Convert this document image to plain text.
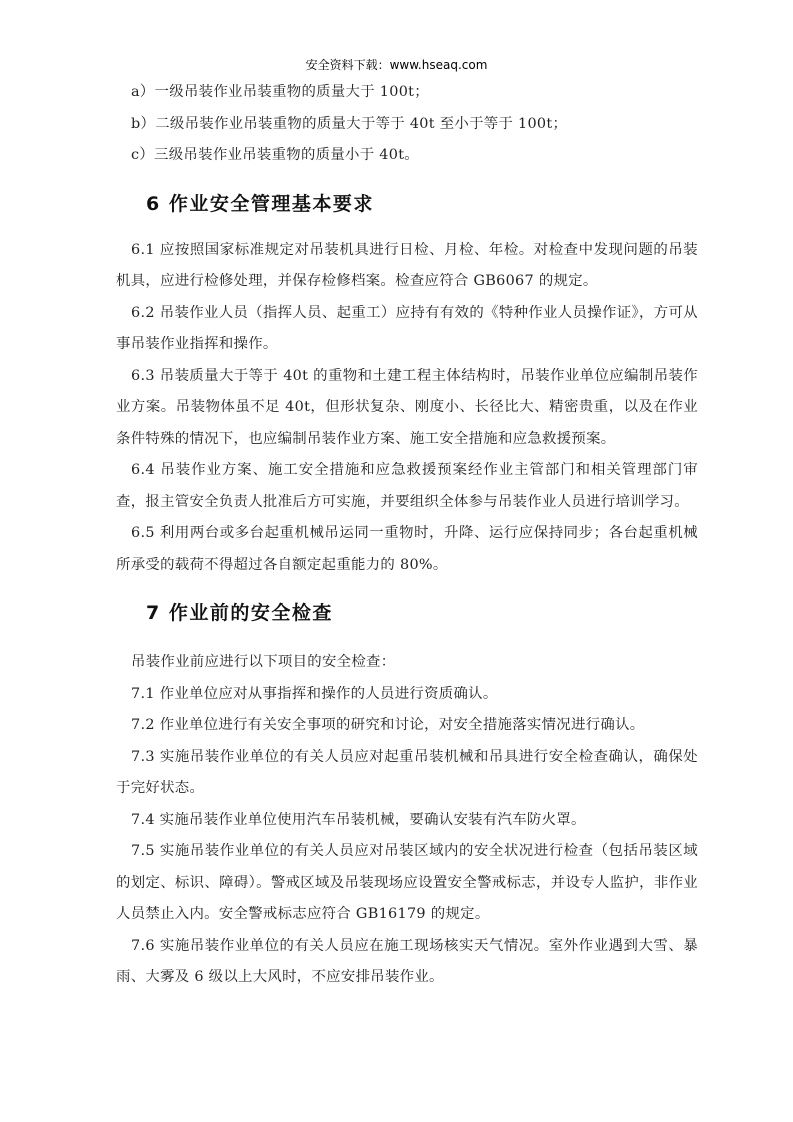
安全资料下载：www.hseaq.com

a）一级吊装作业吊装重物的质量大于 100t；

b）二级吊装作业吊装重物的质量大于等于 40t 至小于等于 100t；

c）三级吊装作业吊装重物的质量小于 40t。

6 作业安全管理基本要求

6.1 应按照国家标准规定对吊装机具进行日检、月检、年检。对检查中发现问题的吊装机具，应进行检修处理，并保存检修档案。检查应符合 GB6067 的规定。

6.2 吊装作业人员（指挥人员、起重工）应持有有效的《特种作业人员操作证》，方可从事吊装作业指挥和操作。

6.3 吊装质量大于等于 40t 的重物和土建工程主体结构时，吊装作业单位应编制吊装作业方案。吊装物体虽不足 40t，但形状复杂、刚度小、长径比大、精密贵重，以及在作业条件特殊的情况下，也应编制吊装作业方案、施工安全措施和应急救援预案。

6.4 吊装作业方案、施工安全措施和应急救援预案经作业主管部门和相关管理部门审查，报主管安全负责人批准后方可实施，并要组织全体参与吊装作业人员进行培训学习。

6.5 利用两台或多台起重机械吊运同一重物时，升降、运行应保持同步；各台起重机械所承受的载荷不得超过各自额定起重能力的 80%。

7 作业前的安全检查

吊装作业前应进行以下项目的安全检查：

7.1 作业单位应对从事指挥和操作的人员进行资质确认。

7.2 作业单位进行有关安全事项的研究和讨论，对安全措施落实情况进行确认。

7.3 实施吊装作业单位的有关人员应对起重吊装机械和吊具进行安全检查确认，确保处于完好状态。

7.4 实施吊装作业单位使用汽车吊装机械，要确认安装有汽车防火罩。

7.5 实施吊装作业单位的有关人员应对吊装区域内的安全状况进行检查（包括吊装区域的划定、标识、障碍）。警戒区域及吊装现场应设置安全警戒标志，并设专人监护，非作业人员禁止入内。安全警戒标志应符合 GB16179 的规定。

7.6 实施吊装作业单位的有关人员应在施工现场核实天气情况。室外作业遇到大雪、暴雨、大雾及 6 级以上大风时，不应安排吊装作业。
